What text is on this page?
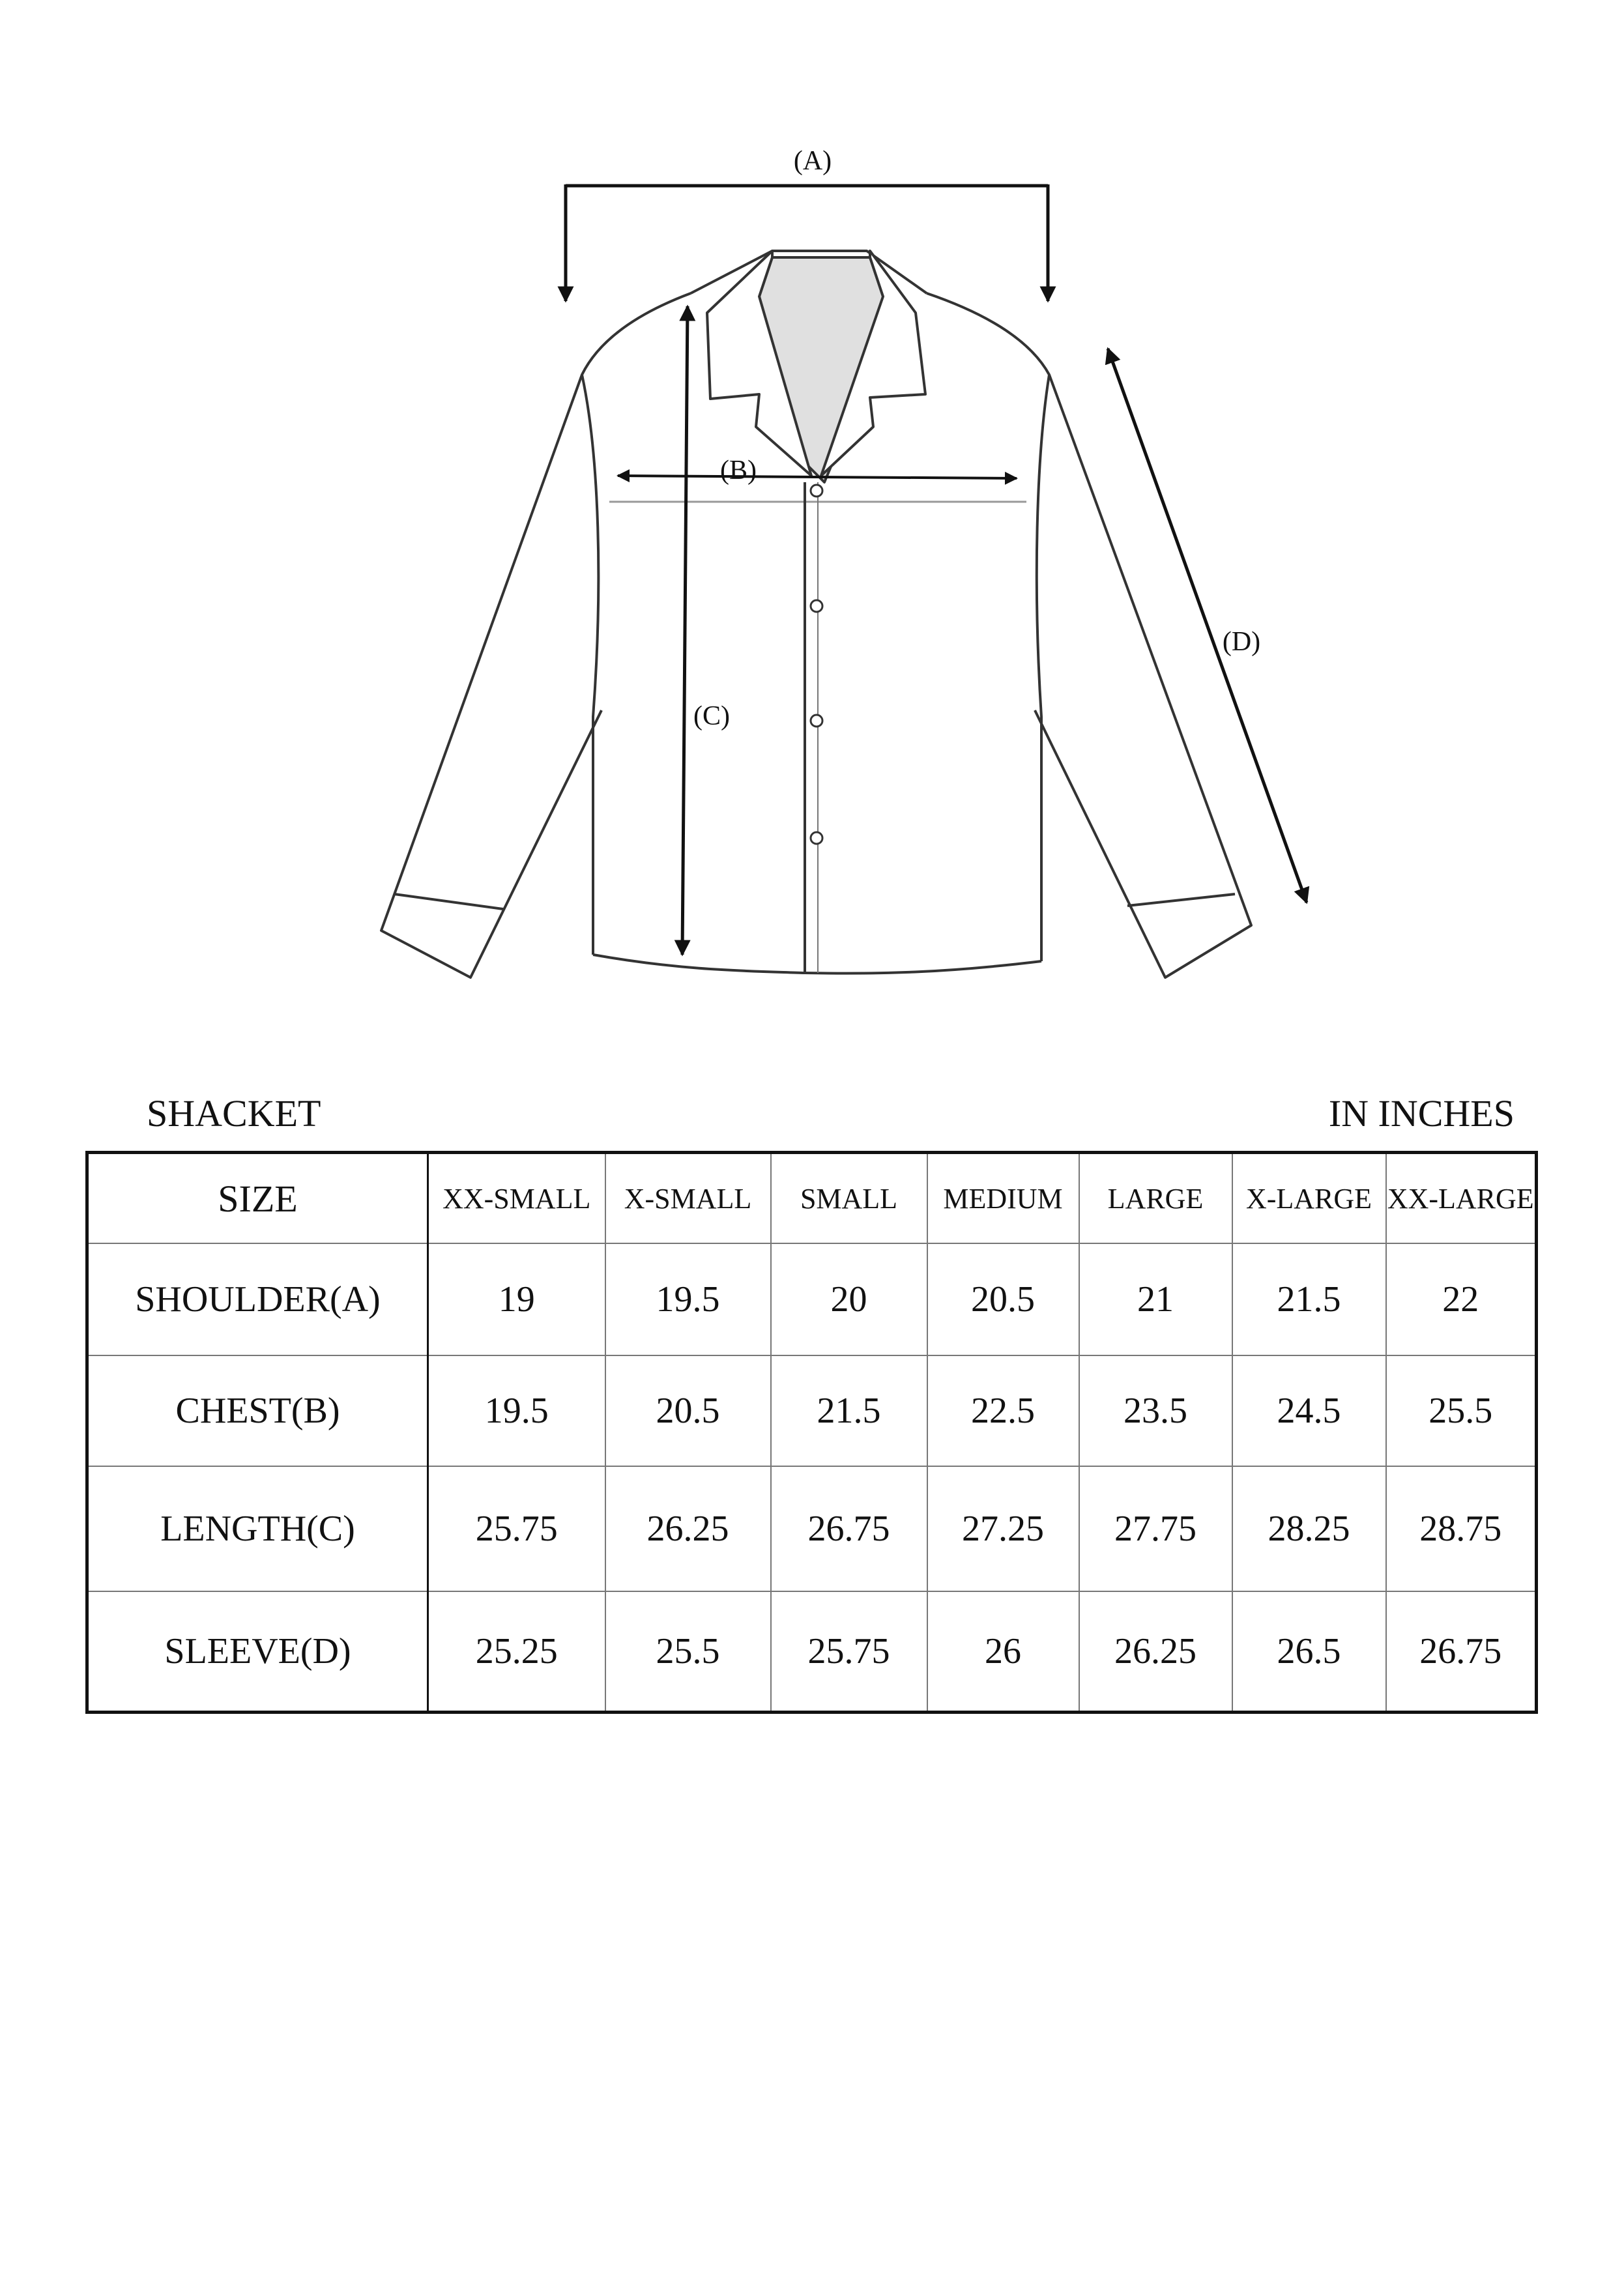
(A)
(B)
(C)
(D)
SHACKET	IN INCHES
SIZE	XX-SMALL	X-SMALL	SMALL	MEDIUM	LARGE	X-LARGE	XX-LARGE
SHOULDER(A)	19	19.5	20	20.5	21	21.5	22
CHEST(B)	19.5	20.5	21.5	22.5	23.5	24.5	25.5
LENGTH(C)	25.75	26.25	26.75	27.25	27.75	28.25	28.75
SLEEVE(D)	25.25	25.5	25.75	26	26.25	26.5	26.75
